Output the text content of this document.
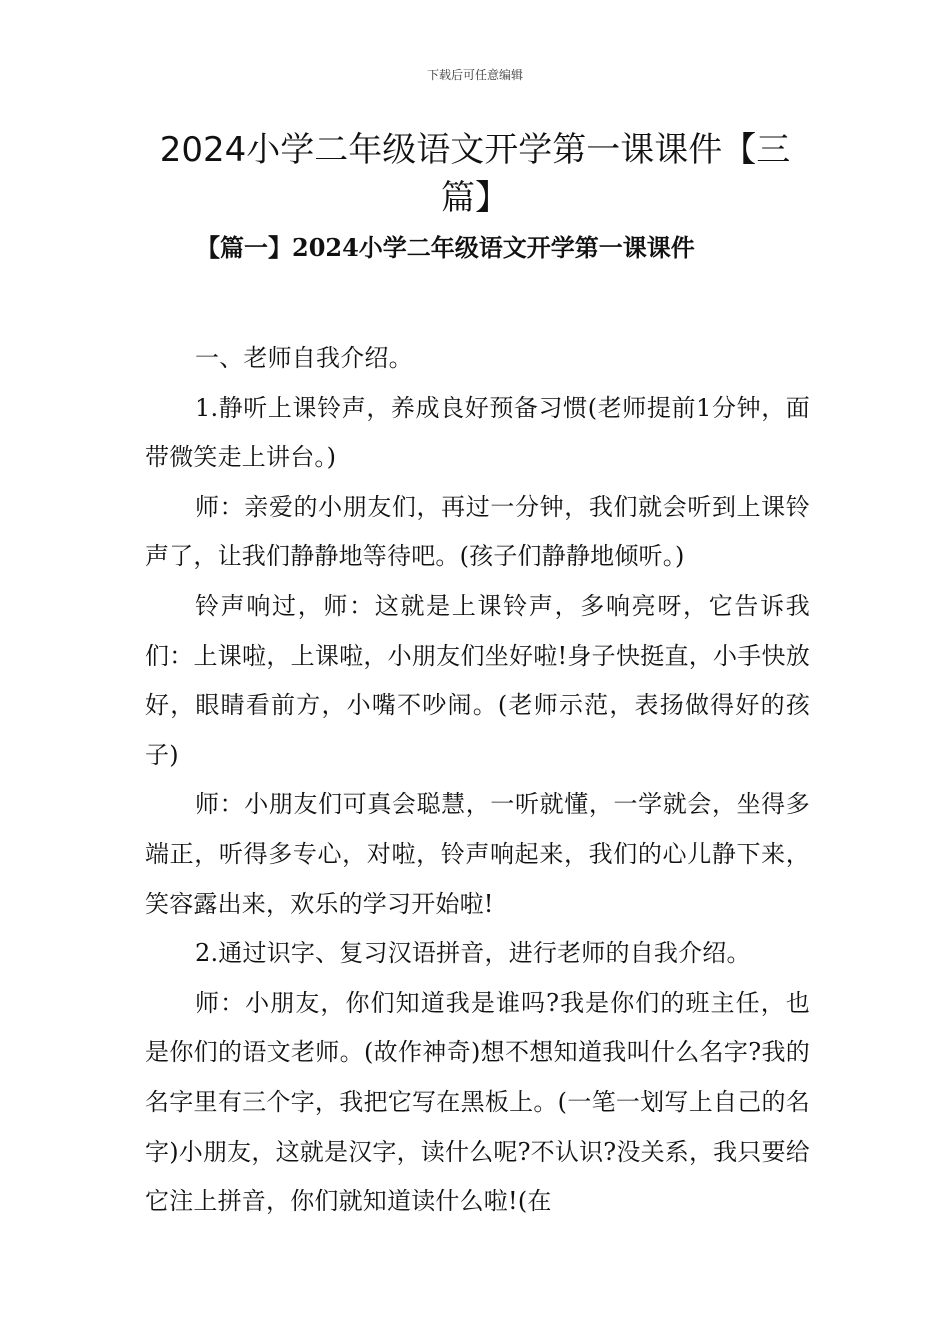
下载后可任意编辑
2024小学二年级语文开学第一课课件【三篇】
【篇一】2024小学二年级语文开学第一课课件

一、老师自我介绍。

1.静听上课铃声，养成良好预备习惯(老师提前1分钟，面带微笑走上讲台。)

师：亲爱的小朋友们，再过一分钟，我们就会听到上课铃声了，让我们静静地等待吧。(孩子们静静地倾听。)

铃声响过，师：这就是上课铃声，多响亮呀，它告诉我们：上课啦，上课啦，小朋友们坐好啦!身子快挺直，小手快放好，眼睛看前方，小嘴不吵闹。(老师示范，表扬做得好的孩子)

师：小朋友们可真会聪慧，一听就懂，一学就会，坐得多端正，听得多专心，对啦，铃声响起来，我们的心儿静下来，笑容露出来，欢乐的学习开始啦!

2.通过识字、复习汉语拼音，进行老师的自我介绍。

师：小朋友，你们知道我是谁吗?我是你们的班主任，也是你们的语文老师。(故作神奇)想不想知道我叫什么名字?我的名字里有三个字，我把它写在黑板上。(一笔一划写上自己的名字)小朋友，这就是汉字，读什么呢?不认识?没关系，我只要给它注上拼音，你们就知道读什么啦!(在
